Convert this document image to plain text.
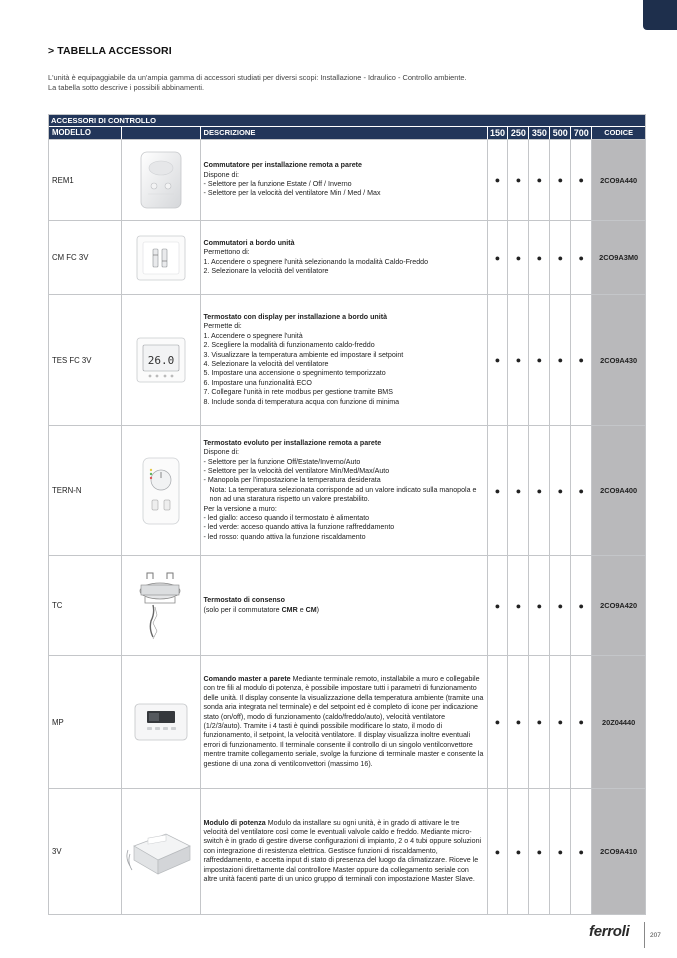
> TABELLA ACCESSORI
L'unità è equipaggiabile da un'ampia gamma di accessori studiati per diversi scopi: Installazione - Idraulico - Controllo ambiente.
La tabella sotto descrive i possibili abbinamenti.
ACCESSORI DI CONTROLLO
MODELLO	DESCRIZIONE	150 250 350 500 700	CODICE
REM1
Commutatore per installazione remota a parete
Dispone di:
- Selettore per la funzione Estate / Off / Inverno
- Selettore per la velocità del ventilatore Min / Med / Max
●	●	●	●	●	2CO9A440
CM FC 3V
Commutatori a bordo unità
Permettono di:
1. Accendere o spegnere l'unità selezionando la modalità Caldo-Freddo
2. Selezionare la velocità del ventilatore
●	●	●	●	●	2CO9A3M0
TES FC 3V	26.0
Termostato con display per installazione a bordo unità
Permette di:
1. Accendere o spegnere l'unità
2. Scegliere la modalità di funzionamento caldo-freddo
3. Visualizzare la temperatura ambiente ed impostare il setpoint
4. Selezionare la velocità del ventilatore
5. Impostare una accensione o spegnimento temporizzato
6. Impostare una funzionalità ECO
7. Collegare l'unità in rete modbus per gestione tramite BMS
8. Include sonda di temperatura acqua con funzione di minima
●	●	●	●	●	2CO9A430
TERN-N
Termostato evoluto per installazione remota a parete
Dispone di:
- Selettore per la funzione Off/Estate/Inverno/Auto
- Selettore per la velocità del ventilatore Min/Med/Max/Auto
- Manopola per l'impostazione la temperatura desiderata
Nota: La temperatura selezionata corrisponde ad un valore indicato sulla manopola e
non ad una staratura rispetto un valore prestabilito.
Per la versione a muro:
- led giallo: acceso quando il termostato è alimentato
- led verde: acceso quando attiva la funzione raffreddamento
- led rosso: quando attiva la funzione riscaldamento
●	●	●	●	●	2CO9A400
TC
Termostato di consenso
(solo per il commutatore CMR e CM)	●	●	●	●	●	2CO9A420
MP
Comando master a parete Mediante terminale remoto, installabile a muro e collegabile con tre fili al modulo di potenza, è possibile impostare tutti i parametri di funzionamento delle unità. Il display consente la visualizzazione della temperatura ambiente (tramite una sonda aria integrata nel terminale) e del setpoint ed è completo di icone per indicazione stato (on/off), modo di funzionamento (caldo/freddo/auto), velocità ventilatore (1/2/3/auto). Tramite i 4 tasti è quindi possibile modificare lo stato, il modo di funzionamento, il setpoint, la velocità ventilatore. Il display visualizza inoltre eventuali errori di funzionamento. Il terminale consente il controllo di un singolo ventilconvettore mentre tramite collegamento seriale, svolge la funzione di terminale master e consente la gestione di una zona di ventilconvettori (massimo 16).
●	●	●	●	●	20Z04440
3V
Modulo di potenza Modulo da installare su ogni unità, è in grado di attivare le tre velocità del ventilatore così come le eventuali valvole caldo e freddo. Mediante micro-switch è in grado di gestire diverse configurazioni di impianto, 2 o 4 tubi oppure soluzioni con integrazione di resistenza elettrica. Gestisce funzioni di riscaldamento, raffreddamento, e accetta input di stato di presenza del luogo da climatizzare. Riceve le impostazioni direttamente dal controllore Master oppure da collegamento seriale con altre unità facenti parte di un unico gruppo di terminali con impostazione Master Slave.
●	●	●	●	●	2CO9A410
ferroli	207
